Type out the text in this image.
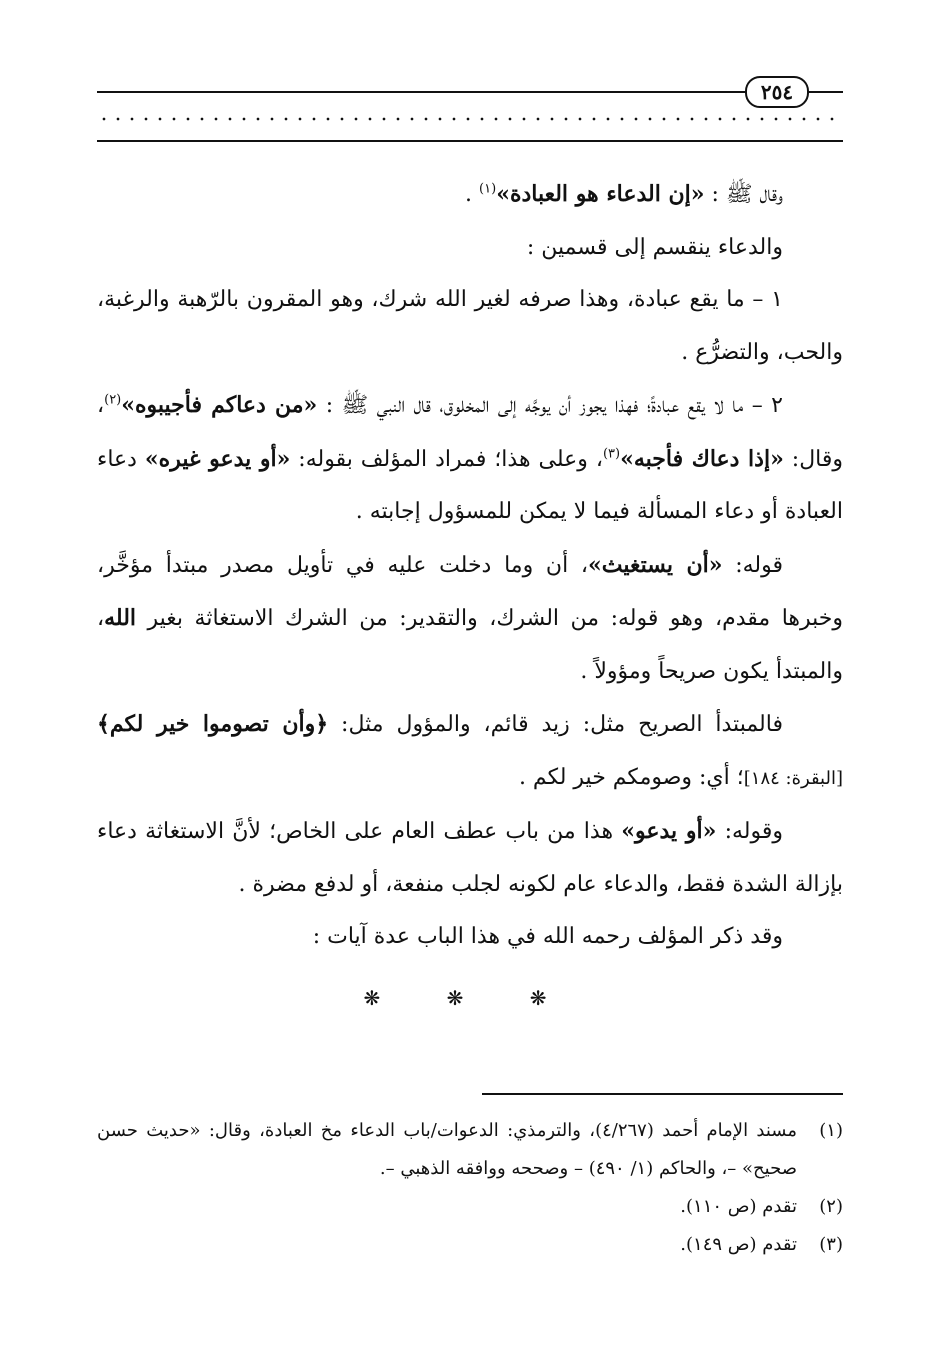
٢٥٤

وقال ﷺ : «إن الدعاء هو العبادة»$^{(١)}$ .

والدعاء ينقسم إلى قسمين :

١ – ما يقع عبادة، وهذا صرفه لغير الله شرك، وهو المقرون بالرّهبة والرغبة، والحب، والتضرُّع .

٢ – ما لا يقع عبادةً؛ فهذا يجوز أن يوجَّه إلى المخلوق، قال النبي ﷺ : «من دعاكم فأجيبوه»$^{(٢)}$، وقال: «إذا دعاك فأجبه»$^{(٣)}$، وعلى هذا؛ فمراد المؤلف بقوله: «أو يدعو غيره» دعاء العبادة أو دعاء المسألة فيما لا يمكن للمسؤول إجابته .

قوله: «أن يستغيث»، أن وما دخلت عليه في تأويل مصدر مبتدأ مؤخَّر، وخبرها مقدم، وهو قوله: من الشرك، والتقدير: من الشرك الاستغاثة بغير الله، والمبتدأ يكون صريحاً ومؤولاً .

فالمبتدأ الصريح مثل: زيد قائم، والمؤول مثل: ﴿وأن تصوموا خير لكم﴾ [البقرة: ١٨٤]؛ أي: وصومكم خير لكم .

وقوله: «أو يدعو» هذا من باب عطف العام على الخاص؛ لأنَّ الاستغاثة دعاء بإزالة الشدة فقط، والدعاء عام لكونه لجلب منفعة، أو لدفع مضرة .

وقد ذكر المؤلف رحمه الله في هذا الباب عدة آيات :

❋ ❋ ❋
(١)
مسند الإمام أحمد (٤/٢٦٧)، والترمذي: الدعوات/باب الدعاء مخ العبادة، وقال: «حديث حسن صحيح» –، والحاكم (١/ ٤٩٠) – وصححه ووافقه الذهبي –.
(٢)
تقدم (ص ١١٠).
(٣)
تقدم (ص ١٤٩).
